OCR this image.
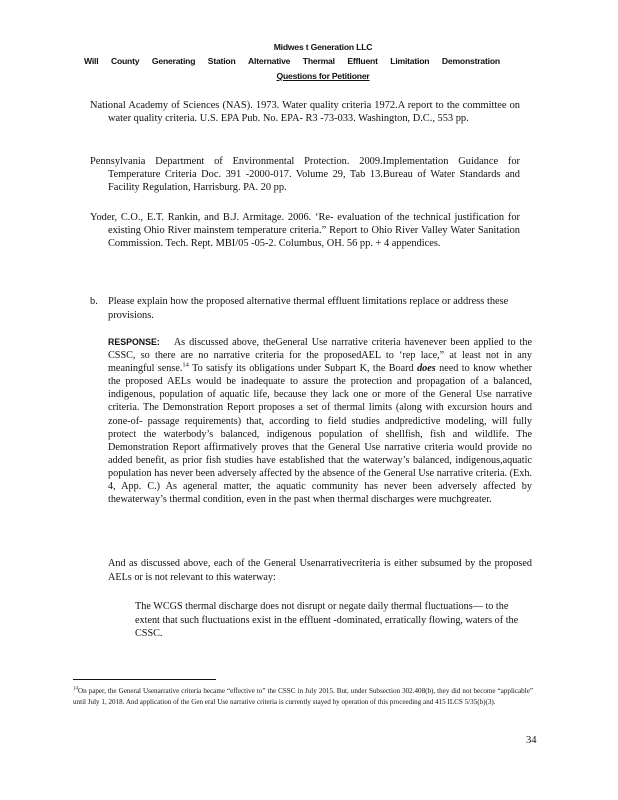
Midwes t Generation LLC
Will County Generating Station Alternative Thermal Effluent Limitation Demonstration
Questions for Petitioner
National Academy of Sciences (NAS). 1973. Water quality criteria 1972.A report to the committee on water quality criteria. U.S. EPA Pub. No. EPA- R3 -73-033. Washington, D.C., 553 pp.
Pennsylvania Department of Environmental Protection. 2009.Implementation Guidance for Temperature Criteria Doc. 391 -2000-017. Volume 29, Tab 13.Bureau of Water Standards and Facility Regulation, Harrisburg. PA. 20 pp.
Yoder, C.O., E.T. Rankin, and B.J. Armitage. 2006. ‘Re- evaluation of the technical justification for existing Ohio River mainstem temperature criteria.” Report to Ohio River Valley Water Sanitation Commission. Tech. Rept. MBI/05 -05-2. Columbus, OH. 56 pp. + 4 appendices.
b. Please explain how the proposed alternative thermal effluent limitations replace or address these provisions.
RESPONSE: As discussed above, theGeneral Use narrative criteria havenever been applied to the CSSC, so there are no narrative criteria for the proposedAEL to ‘rep lace,” at least not in any meaningful sense.$^{14}$ To satisfy its obligations under Subpart K, the Board does need to know whether the proposed AELs would be inadequate to assure the protection and propagation of a balanced, indigenous, population of aquatic life, because they lack one or more of the General Use narrative criteria. The Demonstration Report proposes a set of thermal limits (along with excursion hours and zone-of- passage requirements) that, according to field studies andpredictive modeling, will fully protect the waterbody’s balanced, indigenous population of shellfish, fish and wildlife. The Demonstration Report affirmatively proves that the General Use narrative criteria would provide no added benefit, as prior fish studies have established that the waterway’s balanced, indigenous,aquatic population has never been adversely affected by the absence of the General Use narrative criteria. (Exh. 4, App. C.) As ageneral matter, the aquatic community has never been adversely affected by thewaterway’s thermal condition, even in the past when thermal discharges were muchgreater.
And as discussed above, each of the General Usenarrativecriteria is either subsumed by the proposed AELs or is not relevant to this waterway:
The WCGS thermal discharge does not disrupt or negate daily thermal fluctuations— to the extent that such fluctuations exist in the effluent -dominated, erratically flowing, waters of the CSSC.
$^{14}$On paper, the General Usenarrative criteria became “effective to” the CSSC in July 2015. But, under Subsection 302.408(b), they did not become “applicable” until July 1, 2018. And application of the Gen eral Use narrative criteria is currently stayed by operation of this proceeding and 415 ILCS 5/35(b)(3).
34
